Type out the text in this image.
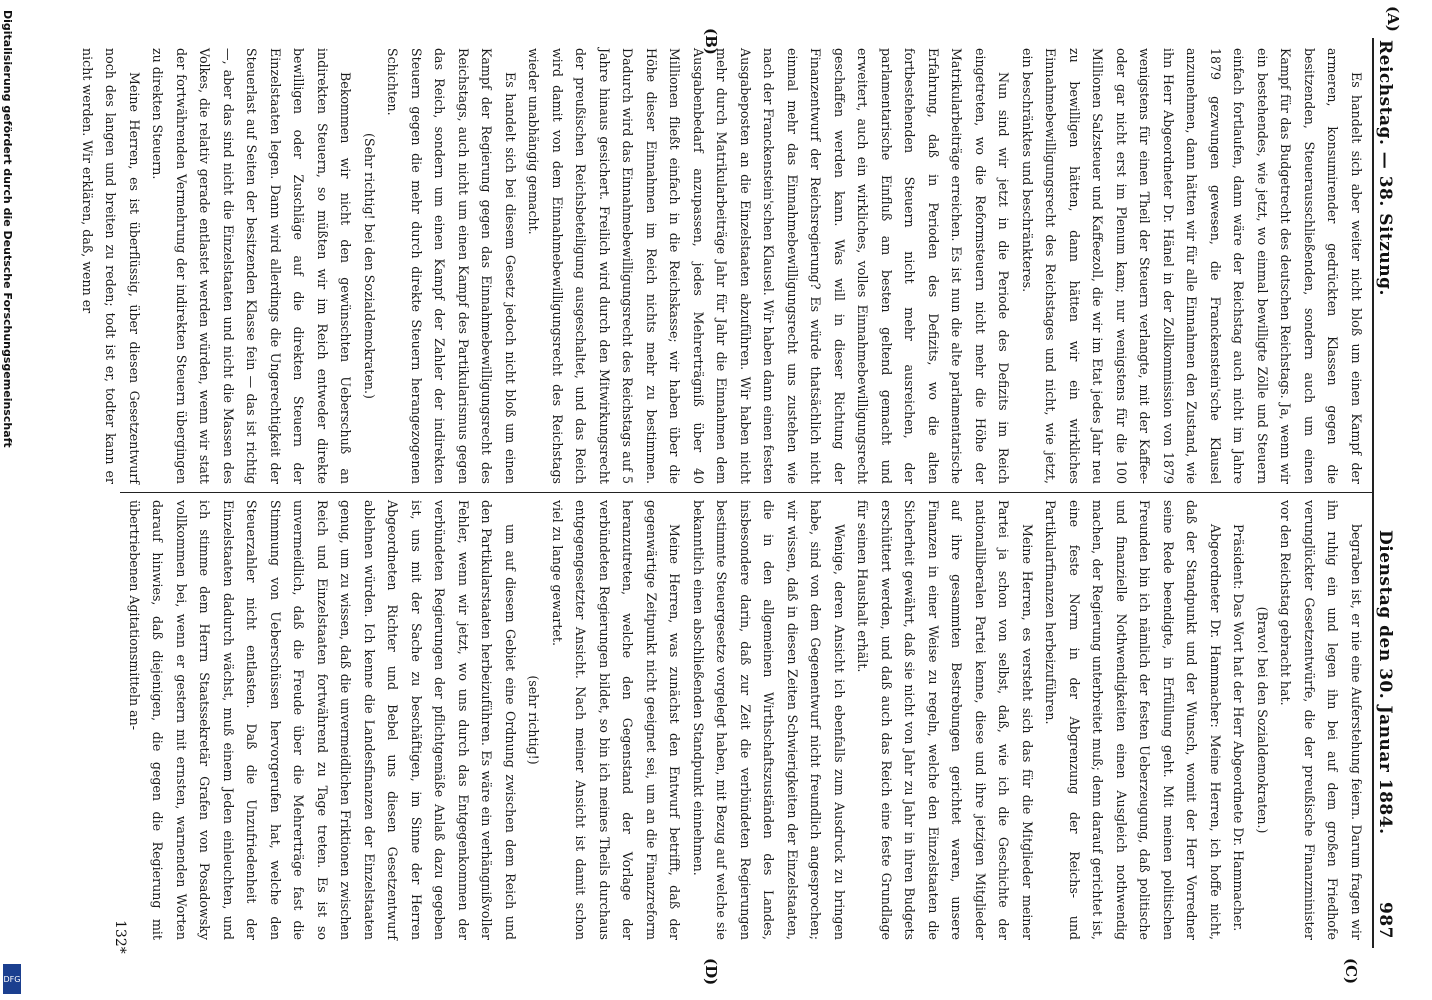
Reichstag. — 38. Sitzung.
Dienstag den 30. Januar 1884.
987
(A)
(B)
(C)
(D)

Es handelt sich aber weiter nicht bloß um einen Kampf der armeren, konsumirender gedrückten Klassen gegen die besitzenden, Steuerausschließenden, sondern auch um einen Kampf für das Budgetrecht des deutschen Reichstags. Ja, wenn wir ein bestehendes, wie jetzt, wo einmal bewilligte Zölle und Steuern einfach fortlaufen, dann wäre der Reichstag auch nicht im Jahre 1879 gezwungen gewesen, die Franckenstein'sche Klausel anzunehmen, dann hätten wir für alle Einnahmen den Zustand, wie ihn Herr Abgeordneter Dr. Hänel in der Zollkommission von 1879 wenigstens für einen Theil der Steuern verlangte, mit der Kaffee- oder gar nicht erst im Plenum kam; nur wenigstens für die 100 Millionen Salzsteuer und Kaffeezoll, die wir im Etat jedes Jahr neu zu bewilligen hätten, dann hätten wir ein wirkliches Einnahmebewilligungsrecht des Reichstages und nicht, wie jetzt, ein beschränktes und beschränkteres.

Nun sind wir jetzt in die Periode des Defizits im Reich eingetreten, wo die Reformsteuern nicht mehr die Höhe der Matrikularbeiträge erreichen. Es ist nun die alte parlamentarische Erfahrung, daß in Perioden des Defizits, wo die alten fortbestehenden Steuern nicht mehr ausreichen, der parlamentarische Einfluß am besten geltend gemacht und erweitert, auch ein wirkliches, volles Einnahmebewilligungsrecht geschaffen werden kann. Was will in dieser Richtung der Finanzentwurf der Reichsregierung? Es würde thatsächlich nicht einmal mehr das Einnahmebewilligungsrecht uns zustehen wie nach der Franckenstein'schen Klausel. Wir haben dann einen festen Ausgabeposten an die Einzelstaaten abzuführen. Wir haben nicht mehr durch Matrikularbeiträge Jahr für Jahr die Einnahmen dem Ausgabenbedarf anzupassen, jedes Mehrerträgniß über 40 Millionen fließt einfach in die Reichskasse; wir haben über die Höhe dieser Einnahmen im Reich nichts mehr zu bestimmen. Dadurch wird das Einnahmebewilligungsrecht des Reichstags auf 5 Jahre hinaus gesichert. Freilich wird durch den Mitwirkungsrecht der preußischen Reichsbeteiligung ausgeschaltet, und das Reich wird damit von dem Einnahmebewilligungsrecht des Reichstags wieder unabhängig gemacht.

Es handelt sich bei diesem Gesetz jedoch nicht bloß um einen Kampf der Regierung gegen das Einnahmebewilligungsrecht des Reichstags, auch nicht um einen Kampf des Partikularismus gegen das Reich, sondern um einen Kampf der Zahler der indirekten Steuern gegen die mehr durch direkte Steuern herangezogenen Schichten.

(Sehr richtig! bei den Sozialdemokraten.)

Bekommen wir nicht den gewünschten Ueberschuß an indirekten Steuern, so müßten wir im Reich entweder direkte bewilligen oder Zuschläge auf die direkten Steuern der Einzelstaaten legen. Dann wird allerdings die Ungerechtigkeit der Steuerlast auf Seiten der besitzenden Klasse fein — das ist richtig —, aber das sind nicht die Einzelstaaten und nicht die Massen des Volkes, die relativ gerade entlastet werden würden, wenn wir statt der fortwährenden Vermehrung der indirekten Steuern übergingen zu direkten Steuern.

Meine Herren, es ist überflüssig, über diesen Gesetzentwurf noch des langen und breiten zu reden; todt ist er, todter kann er nicht werden. Wir erklären, daß, wenn er

begraben ist, er nie eine Auferstehung feiern. Darum fragen wir ihn ruhig ein und legen ihn bei auf dem großen Friedhofe verunglückter Gesetzentwürfe, die der preußische Finanzminister vor den Reichstag gebracht hat.

(Bravo! bei den Sozialdemokraten.)

Präsident: Das Wort hat der Herr Abgeordnete Dr. Hammacher.

Abgeordneter Dr. Hammacher: Meine Herren, ich hoffe nicht, daß der Standpunkt und der Wunsch, womit der Herr Vorredner seine Rede beendigte, in Erfüllung geht. Mit meinen politischen Freunden bin ich nämlich der festen Ueberzeugung, daß politische und finanzielle Nothwendigkeiten einen Ausgleich nothwendig machen, der Regierung unterbreitet muß; denn darauf gerichtet ist, eine feste Norm in der Abgrenzung der Reichs- und Partikularfinanzen herbeizuführen.

Meine Herren, es versteht sich das für die Mitglieder meiner Partei ja schon von selbst, daß, wie ich die Geschichte der nationalliberalen Partei kenne, diese und ihre jetzigen Mitglieder auf ihre gesammten Bestrebungen gerichtet waren, unsere Finanzen in einer Weise zu regeln, welche den Einzelstaaten die Sicherheit gewährt, daß sie nicht von Jahr zu Jahr in ihren Budgets erschüttert werden, und daß auch das Reich eine feste Grundlage für seinen Haushalt erhält.

Wenige, deren Ansicht ich ebenfalls zum Ausdruck zu bringen habe, sind von dem Gegenentwurf nicht freundlich angesprochen; wir wissen, daß in diesen Zeiten Schwierigkeiten der Einzelstaaten, die in den allgemeinen Wirthschaftszuständen des Landes, insbesondere darin, daß zur Zeit die verbündeten Regierungen bestimmte Steuergesetze vorgelegt haben, mit Bezug auf welche sie bekanntlich einen abschließenden Standpunkt einnehmen.

Meine Herren, was zunächst den Entwurf betrifft, daß der gegenwärtige Zeitpunkt nicht geeignet sei, um an die Finanzreform heranzutreten, welche den Gegenstand der Vorlage der verbündeten Regierungen bildet, so bin ich meines Theils durchaus entgegengesetzter Ansicht. Nach meiner Ansicht ist damit schon viel zu lange gewartet.

(sehr richtig!)

um auf diesem Gebiet eine Ordnung zwischen dem Reich und den Partikularstaaten herbeizuführen. Es wäre ein verhängnißvoller Fehler, wenn wir jetzt, wo uns durch das Entgegenkommen der verbündeten Regierungen der pflichtgemäße Anlaß dazu gegeben ist, uns mit der Sache zu beschäftigen, im Sinne der Herren Abgeordneten Richter und Bebel uns diesen Gesetzentwurf ablehnen würden. Ich kenne die Landesfinanzen der Einzelstaaten genug, um zu wissen, daß die unvermeidlichen Friktionen zwischen Reich und Einzelstaaten fortwährend zu Tage treten. Es ist so unvermeidlich, daß die Freude über die Mehrerträge fast die Stimmung von Ueberschüssen hervorgerufen hat, welche den Steuerzahler nicht entlasten. Daß die Unzufriedenheit der Einzelstaaten dadurch wächst, muß einem Jeden einleuchten, und ich stimme dem Herrn Staatssekretär Grafen von Posadowsky vollkommen bei, wenn er gestern mit ernsten, warnenden Worten darauf hinwies, daß diejenigen, die gegen die Regierung mit übertriebenen Agitationsmitteln an-

132*
Digitalisierung gefördert durch die Deutsche Forschungsgemeinschaft
DFG
